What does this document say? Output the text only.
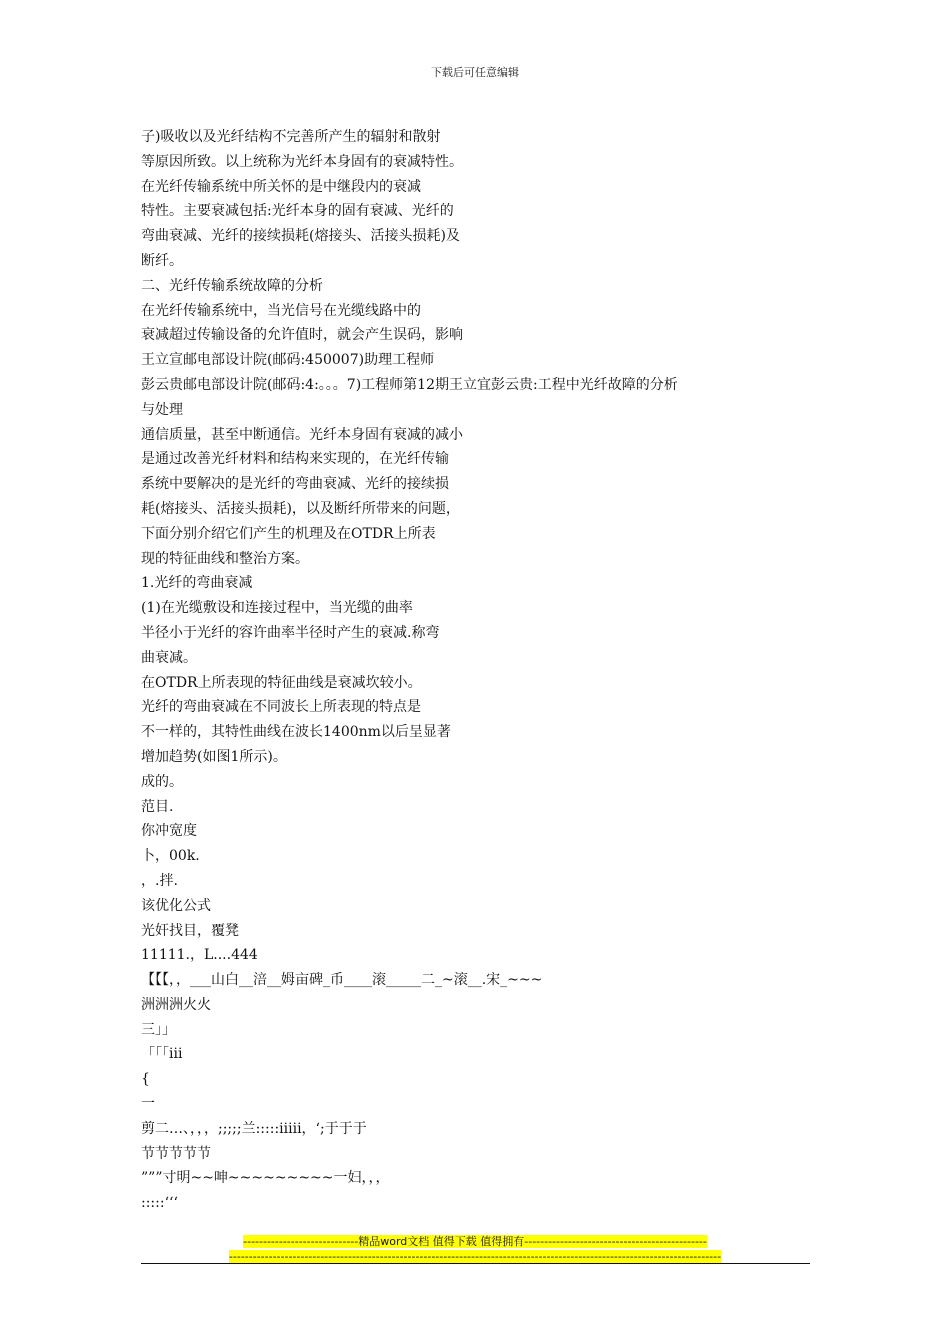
下载后可任意编辑
子)吸收以及光纤结构不完善所产生的辐射和散射
等原因所致。以上统称为光纤本身固有的衰减特性。
在光纤传输系统中所关怀的是中继段内的衰减
特性。主要衰减包括:光纤本身的固有衰减、光纤的
弯曲衰减、光纤的接续损耗(熔接头、活接头损耗)及
断纤。
二、光纤传输系统故障的分析
在光纤传输系统中，当光信号在光缆线路中的
衰减超过传输设备的允许值时，就会产生误码，影响
王立宣邮电部设计院(邮码:450007)助理工程师
彭云贵邮电部设计院(邮码:4:。。。7)工程师第12期王立宜彭云贵:工程中光纤故障的分析
与处理
通信质量，甚至中断通信。光纤本身固有衰减的减小
是通过改善光纤材料和结构来实现的，在光纤传输
系统中要解决的是光纤的弯曲衰减、光纤的接续损
耗(熔接头、活接头损耗)，以及断纤所带来的问题，
下面分别介绍它们产生的机理及在OTDR上所表
现的特征曲线和整治方案。
1.光纤的弯曲衰减
(1)在光缆敷设和连接过程中，当光缆的曲率
半径小于光纤的容许曲率半径时产生的衰减.称弯
曲衰减。
在OTDR上所表现的特征曲线是衰减坎较小。
光纤的弯曲衰减在不同波长上所表现的特点是
不一样的，其特性曲线在波长1400nm以后呈显著
增加趋势(如图1所示)。
成的。
范目.
你冲宽度
卜，00k.
，.拌.
该优化公式
光奸找目，覆凳
11111.，L....444
【【【，，___山白__涪__姆亩碑_币____滚_____二_~滚__.宋_~~~
洲洲洲火火
三」」
「「「iii
{
一
剪二…、，，，;;;;;兰:::::iiiii，‘;于于于
节节节节节
”””寸明~~呻~~~~~~~~~一妇，，，
:::::‘‘‘
-----------------------------精品word文档 值得下载 值得拥有----------------------------------------------
----------------------------------------------------------------------------------------------------------------------------
